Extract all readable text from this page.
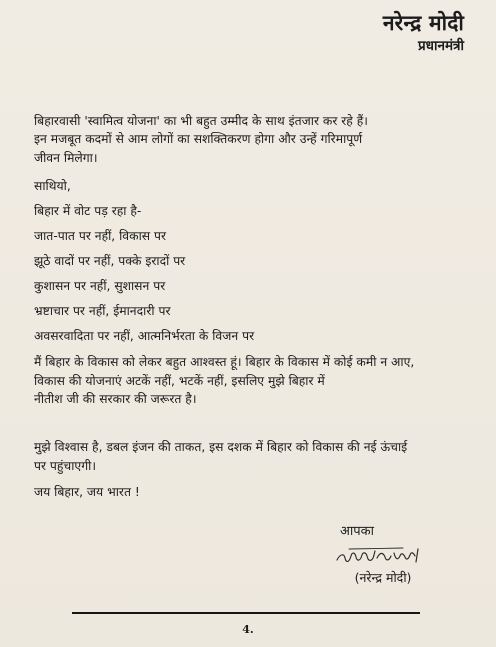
नरेन्द्र मोदी
प्रधानमंत्री

बिहारवासी 'स्वामित्व योजना' का भी बहुत उम्मीद के साथ इंतजार कर रहे हैं।
इन मजबूत कदमों से आम लोगों का सशक्तिकरण होगा और उन्हें गरिमापूर्ण
जीवन मिलेगा।

साथियो,

बिहार में वोट पड़ रहा है-

जात-पात पर नहीं, विकास पर

झूठे वादों पर नहीं, पक्के इरादों पर

कुशासन पर नहीं, सुशासन पर

भ्रष्टाचार पर नहीं, ईमानदारी पर

अवसरवादिता पर नहीं, आत्मनिर्भरता के विजन पर

मैं बिहार के विकास को लेकर बहुत आश्वस्त हूं। बिहार के विकास में कोई कमी न आए,
विकास की योजनाएं अटकें नहीं, भटकें नहीं, इसलिए मुझे बिहार में
नीतीश जी की सरकार की जरूरत है।

मुझे विश्वास है, डबल इंजन की ताकत, इस दशक में बिहार को विकास की नई ऊंचाई
पर पहुंचाएगी।

जय बिहार, जय भारत !

आपका
(नरेन्द्र मोदी)
4.
